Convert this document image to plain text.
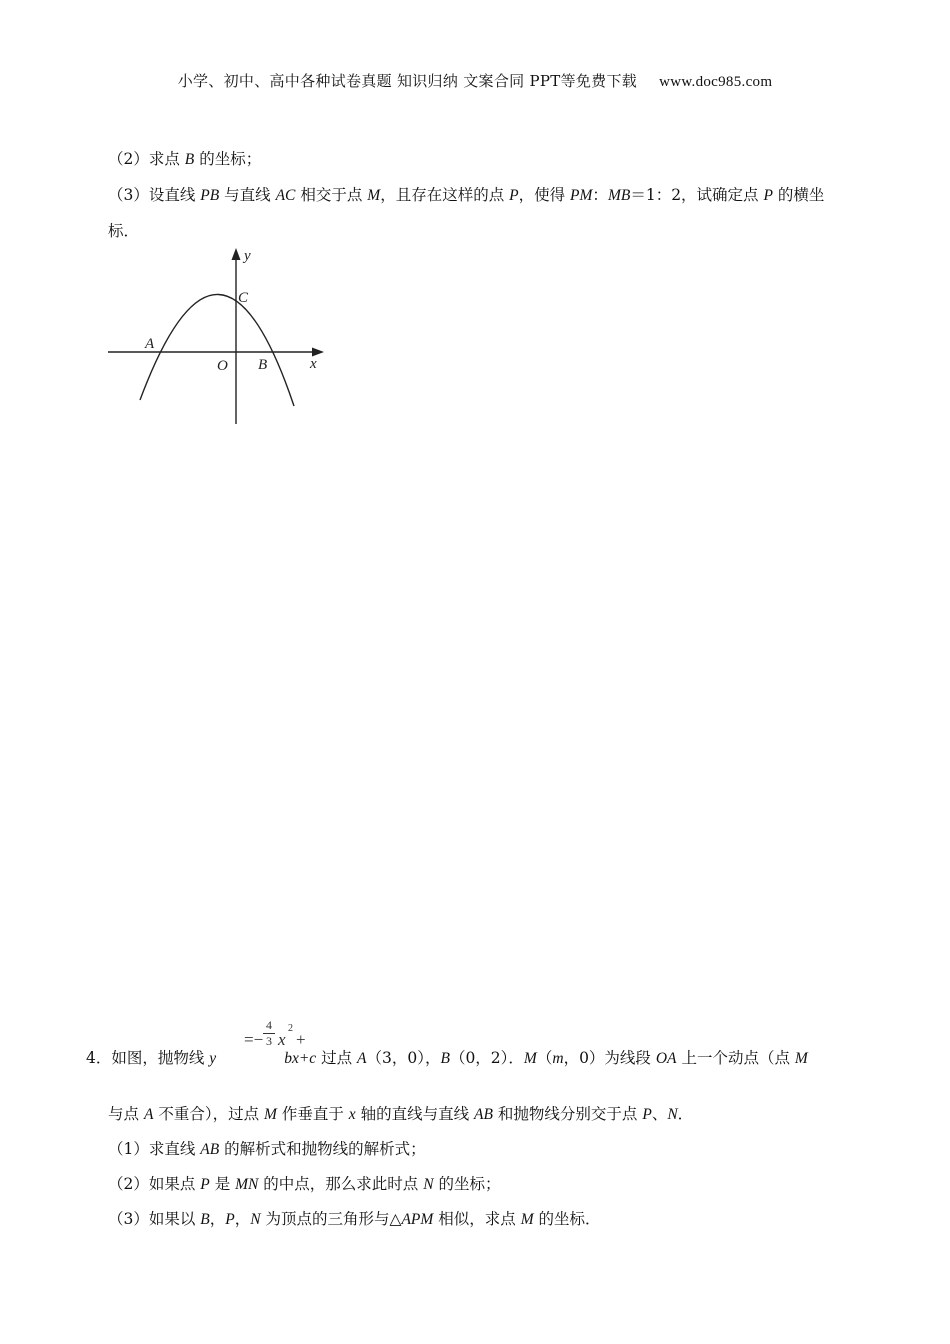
小学、初中、高中各种试卷真题 知识归纳 文案合同 PPT等免费下载 www.doc985.com
（2）求点 B 的坐标；
（3）设直线 PB 与直线 AC 相交于点 M，且存在这样的点 P，使得 PM：MB＝1：2，试确定点 P 的横坐
标．
y
x
O
A
B
C
=−
4
3 x
2
+
4．如图，抛物线 y	bx+c 过点 A（3，0），B（0，2）．M（m，0）为线段 OA 上一个动点（点 M
与点 A 不重合），过点 M 作垂直于 x 轴的直线与直线 AB 和抛物线分别交于点 P、N．
（1）求直线 AB 的解析式和抛物线的解析式；
（2）如果点 P 是 MN 的中点，那么求此时点 N 的坐标；
（3）如果以 B，P，N 为顶点的三角形与△APM 相似，求点 M 的坐标．
